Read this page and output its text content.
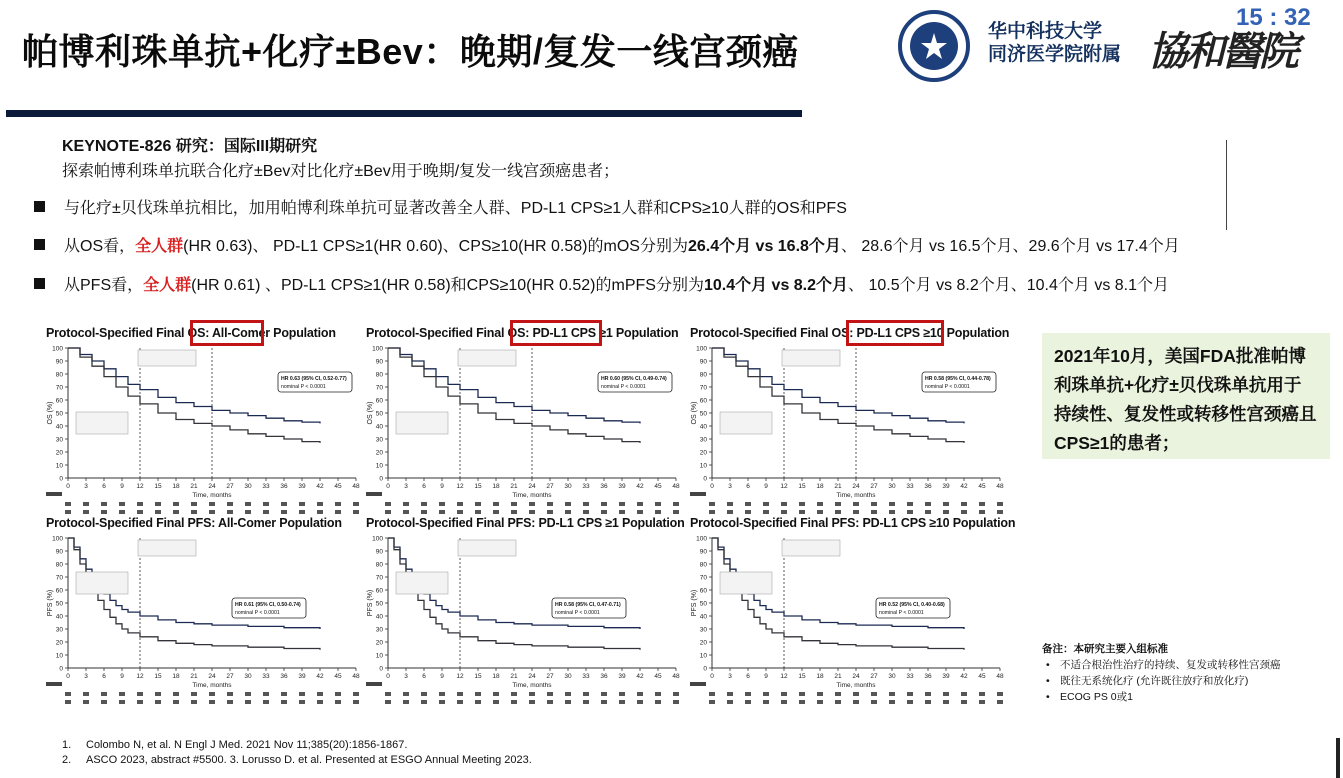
帕博利珠单抗+化疗±Bev：晚期/复发一线宫颈癌	华中科技大学
同济医学院附属 協和醫院
15 : 32
KEYNOTE-826 研究：国际III期研究
探索帕博利珠单抗联合化疗±Bev对比化疗±Bev用于晚期/复发一线宫颈癌患者；
与化疗±贝伐珠单抗相比，加用帕博利珠单抗可显著改善全人群、PD-L1 CPS≥1人群和CPS≥10人群的OS和PFS
从OS看，全人群(HR 0.63)、 PD-L1 CPS≥1(HR 0.60)、CPS≥10(HR 0.58)的mOS分别为26.4个月 vs 16.8个月、 28.6个月 vs 16.5个月、29.6个月 vs 17.4个月
从PFS看，全人群(HR 0.61) 、PD-L1 CPS≥1(HR 0.58)和CPS≥10(HR 0.52)的mPFS分别为10.4个月 vs 8.2个月、 10.5个月 vs 8.2个月、10.4个月 vs 8.1个月
Protocol-Specified Final OS: All-Comer Population
0
10
20
30
40
50
60
70
80
90
100
OS (%)
0 3 6 9 12 15 18 21 24 27 30 33 36 39 42 45 48
Time, months
HR 0.63 (95% CI, 0.52-0.77)
nominal P < 0.0001
Protocol-Specified Final OS: PD-L1 CPS ≥1 Population
0
10
20
30
40
50
60
70
80
90
100
OS (%)
0 3 6 9 12 15 18 21 24 27 30 33 36 39 42 45 48
Time, months
HR 0.60 (95% CI, 0.49-0.74)
nominal P < 0.0001
Protocol-Specified Final OS: PD-L1 CPS ≥10 Population
0
10
20
30
40
50
60
70
80
90
100
OS (%)
0 3 6 9 12 15 18 21 24 27 30 33 36 39 42 45 48
Time, months
HR 0.58 (95% CI, 0.44-0.78)
nominal P < 0.0001
Protocol-Specified Final PFS: All-Comer Population
0
10
20
30
40
50
60
70
80
90
100
PFS (%)
0 3 6 9 12 15 18 21 24 27 30 33 36 39 42 45 48
Time, months
HR 0.61 (95% CI, 0.50-0.74)
nominal P < 0.0001
Protocol-Specified Final PFS: PD-L1 CPS ≥1 Population
0
10
20
30
40
50
60
70
80
90
100
PFS (%)
0 3 6 9 12 15 18 21 24 27 30 33 36 39 42 45 48
Time, months
HR 0.58 (95% CI, 0.47-0.71)
nominal P < 0.0001
Protocol-Specified Final PFS: PD-L1 CPS ≥10 Population
0
10
20
30
40
50
60
70
80
90
100
PFS (%)
0 3 6 9 12 15 18 21 24 27 30 33 36 39 42 45 48
Time, months
HR 0.52 (95% CI, 0.40-0.68)
nominal P < 0.0001
2021年10月，美国FDA批准帕博利珠单抗+化疗±贝伐珠单抗用于持续性、复发性或转移性宫颈癌且CPS≥1的患者；
备注：本研究主要入组标准
• 不适合根治性治疗的持续、复发或转移性宫颈癌
• 既往无系统化疗 (允许既往放疗和放化疗)
• ECOG PS 0或1
1. Colombo N, et al. N Engl J Med. 2021 Nov 11;385(20):1856-1867.
2. ASCO 2023, abstract #5500. 3. Lorusso D. et al. Presented at ESGO Annual Meeting 2023.
